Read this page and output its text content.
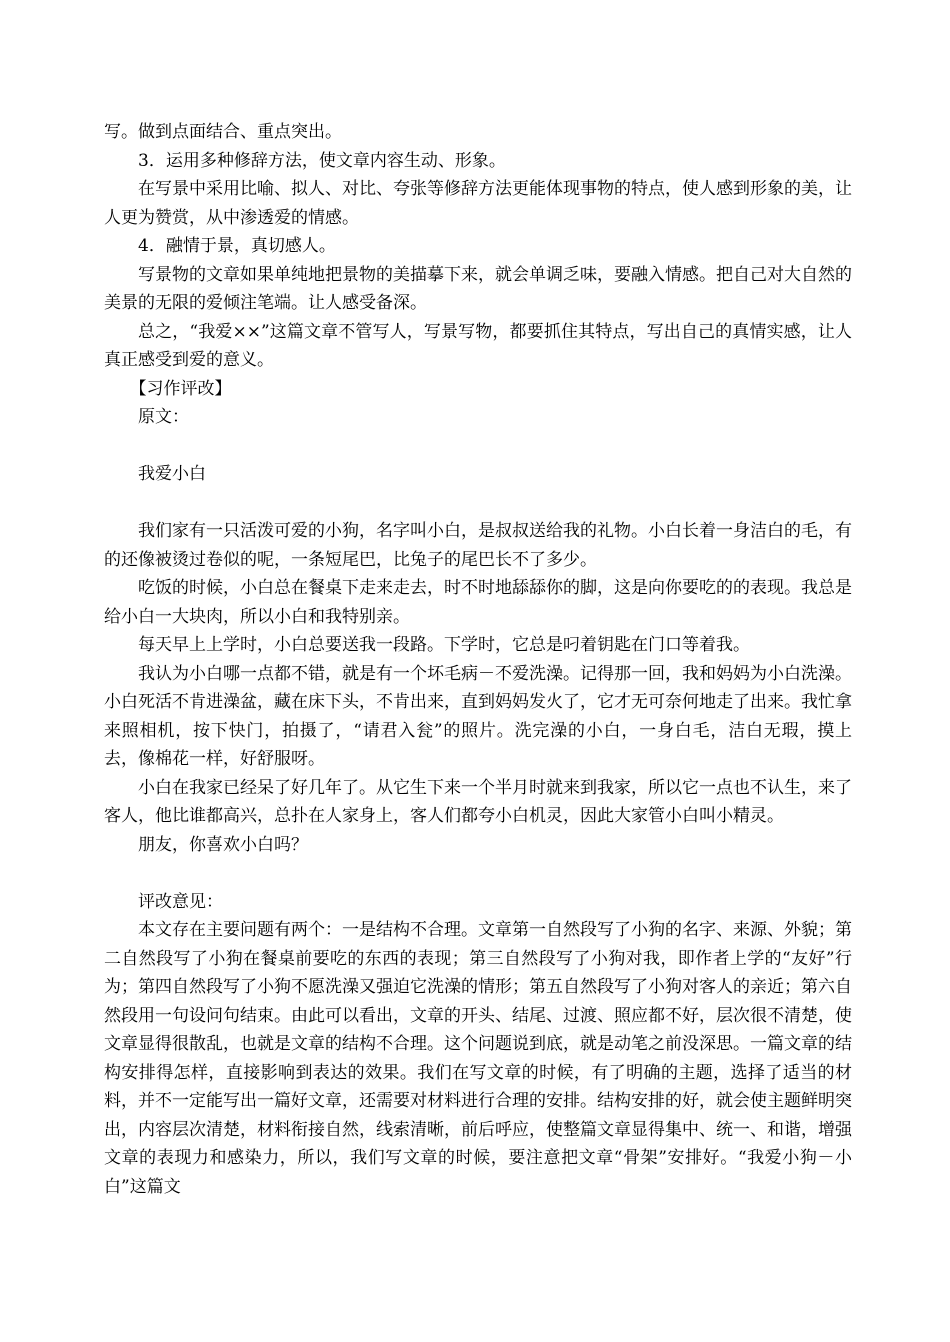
写。做到点面结合、重点突出。

3．运用多种修辞方法，使文章内容生动、形象。

在写景中采用比喻、拟人、对比、夸张等修辞方法更能体现事物的特点，使人感到形象的美，让人更为赞赏，从中渗透爱的情感。

4．融情于景，真切感人。

写景物的文章如果单纯地把景物的美描摹下来，就会单调乏味，要融入情感。把自己对大自然的美景的无限的爱倾注笔端。让人感受备深。

总之，“我爱××”这篇文章不管写人，写景写物，都要抓住其特点，写出自己的真情实感，让人真正感受到爱的意义。

【习作评改】

原文：

我爱小白

我们家有一只活泼可爱的小狗，名字叫小白，是叔叔送给我的礼物。小白长着一身洁白的毛，有的还像被烫过卷似的呢，一条短尾巴，比兔子的尾巴长不了多少。

吃饭的时候，小白总在餐桌下走来走去，时不时地舔舔你的脚，这是向你要吃的的表现。我总是给小白一大块肉，所以小白和我特别亲。

每天早上上学时，小白总要送我一段路。下学时，它总是叼着钥匙在门口等着我。

我认为小白哪一点都不错，就是有一个坏毛病－不爱洗澡。记得那一回，我和妈妈为小白洗澡。小白死活不肯进澡盆，藏在床下头，不肯出来，直到妈妈发火了，它才无可奈何地走了出来。我忙拿来照相机，按下快门，拍摄了，“请君入瓮”的照片。洗完澡的小白，一身白毛，洁白无瑕，摸上去，像棉花一样，好舒服呀。

小白在我家已经呆了好几年了。从它生下来一个半月时就来到我家，所以它一点也不认生，来了客人，他比谁都高兴，总扑在人家身上，客人们都夸小白机灵，因此大家管小白叫小精灵。

朋友，你喜欢小白吗？

评改意见：

本文存在主要问题有两个：一是结构不合理。文章第一自然段写了小狗的名字、来源、外貌；第二自然段写了小狗在餐桌前要吃的东西的表现；第三自然段写了小狗对我，即作者上学的“友好”行为；第四自然段写了小狗不愿洗澡又强迫它洗澡的情形；第五自然段写了小狗对客人的亲近；第六自然段用一句设问句结束。由此可以看出，文章的开头、结尾、过渡、照应都不好，层次很不清楚，使文章显得很散乱，也就是文章的结构不合理。这个问题说到底，就是动笔之前没深思。一篇文章的结构安排得怎样，直接影响到表达的效果。我们在写文章的时候，有了明确的主题，选择了适当的材料，并不一定能写出一篇好文章，还需要对材料进行合理的安排。结构安排的好，就会使主题鲜明突出，内容层次清楚，材料衔接自然，线索清晰，前后呼应，使整篇文章显得集中、统一、和谐，增强文章的表现力和感染力，所以，我们写文章的时候，要注意把文章“骨架”安排好。“我爱小狗－小白”这篇文
